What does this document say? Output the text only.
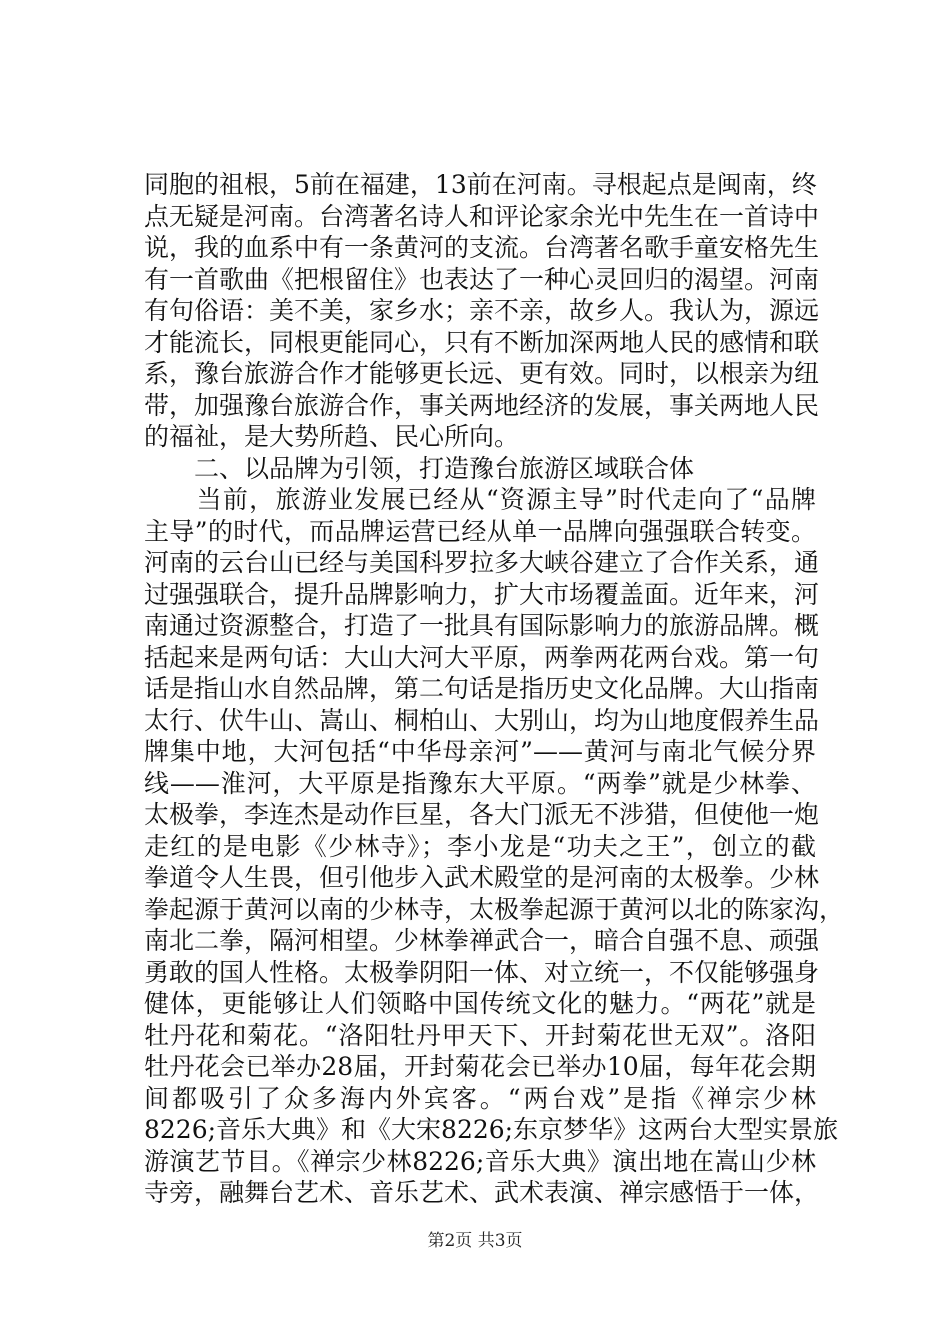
同胞的祖根，5前在福建，13前在河南。寻根起点是闽南，终
点无疑是河南。台湾著名诗人和评论家余光中先生在一首诗中
说，我的血系中有一条黄河的支流。台湾著名歌手童安格先生
有一首歌曲《把根留住》也表达了一种心灵回归的渴望。河南
有句俗语：美不美，家乡水；亲不亲，故乡人。我认为，源远
才能流长，同根更能同心，只有不断加深两地人民的感情和联
系，豫台旅游合作才能够更长远、更有效。同时，以根亲为纽
带，加强豫台旅游合作，事关两地经济的发展，事关两地人民
的福祉，是大势所趋、民心所向。
　　二、以品牌为引领，打造豫台旅游区域联合体
　　当前，旅游业发展已经从“资源主导”时代走向了“品牌
主导”的时代，而品牌运营已经从单一品牌向强强联合转变。
河南的云台山已经与美国科罗拉多大峡谷建立了合作关系，通
过强强联合，提升品牌影响力，扩大市场覆盖面。近年来，河
南通过资源整合，打造了一批具有国际影响力的旅游品牌。概
括起来是两句话：大山大河大平原，两拳两花两台戏。第一句
话是指山水自然品牌，第二句话是指历史文化品牌。大山指南
太行、伏牛山、嵩山、桐柏山、大别山，均为山地度假养生品
牌集中地，大河包括“中华母亲河”——黄河与南北气候分界
线——淮河，大平原是指豫东大平原。“两拳”就是少林拳、
太极拳，李连杰是动作巨星，各大门派无不涉猎，但使他一炮
走红的是电影《少林寺》；李小龙是“功夫之王”，创立的截
拳道令人生畏，但引他步入武术殿堂的是河南的太极拳。少林
拳起源于黄河以南的少林寺，太极拳起源于黄河以北的陈家沟，
南北二拳，隔河相望。少林拳禅武合一，暗合自强不息、顽强
勇敢的国人性格。太极拳阴阳一体、对立统一，不仅能够强身
健体，更能够让人们领略中国传统文化的魅力。“两花”就是
牡丹花和菊花。“洛阳牡丹甲天下、开封菊花世无双”。洛阳
牡丹花会已举办28届，开封菊花会已举办10届，每年花会期
间都吸引了众多海内外宾客。“两台戏”是指《禅宗少林
8226;音乐大典》和《大宋8226;东京梦华》这两台大型实景旅
游演艺节目。《禅宗少林8226;音乐大典》演出地在嵩山少林
寺旁，融舞台艺术、音乐艺术、武术表演、禅宗感悟于一体，
第2页 共3页
